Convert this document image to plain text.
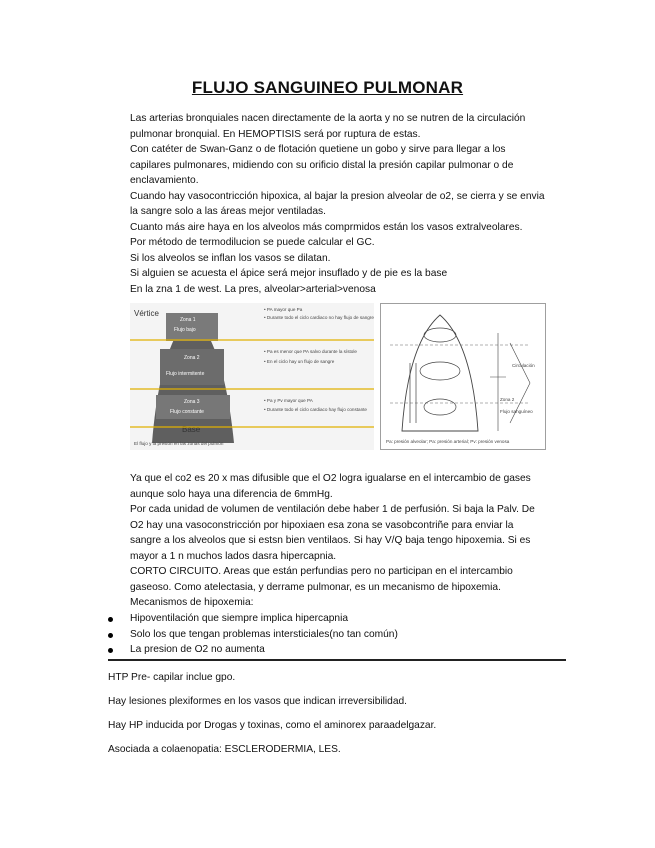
FLUJO SANGUINEO PULMONAR

Las arterias bronquiales nacen directamente de la aorta y no se nutren de la circulación

pulmonar bronquial. En HEMOPTISIS será por ruptura de estas.

Con catéter de Swan-Ganz o de flotación quetiene un gobo y sirve para llegar a los

capilares pulmonares, midiendo con su orificio distal la presión capilar pulmonar o de

enclavamiento.

Cuando hay vasocontricción hipoxica, al bajar la presion alveolar de o2, se cierra y se envia

la sangre solo a las áreas mejor ventiladas.

Cuanto más aire haya en los alveolos más comprmidos están los vasos extralveolares.

Por método de termodilucion se puede calcular el GC.

Si los alveolos se inflan los vasos se dilatan.

Si alguien se acuesta el ápice será mejor insuflado y de pie es la base

En la zna 1 de west. La pres, alveolar>arterial>venosa

Vértice
Zona 1
Flujo bajo
Zona 2
Flujo intermitente
Zona 3
Flujo constante
Base
• PA mayor que Pa
• Durante todo el ciclo cardiaco no hay flujo de sangre
• Pa es menor que PA salvo durante la sístole
• En el ciclo hay un flujo de sangre
• Pa y Pv mayor que PA
• Durante todo el ciclo cardiaco hay flujo constante
El flujo y la presión en las zonas del pulmón
Circulación
Zona 2
Flujo sanguíneo
Pa: presión alveolar; Pa: presión arterial; Pv: presión venosa

Ya que el co2 es 20 x mas difusible que el O2 logra igualarse en el intercambio de gases

aunque solo haya una diferencia de 6mmHg.

Por cada unidad de volumen de ventilación debe haber 1 de perfusión. Si baja la Palv. De

O2 hay una vasoconstricción por hipoxiaen esa zona se vasobcontriñe para enviar la

sangre a los alveolos que si estsn bien ventilaos. Si hay V/Q baja tengo hipoxemia. Si es

mayor a 1 n muchos lados dasra hipercapnia.

CORTO CIRCUITO. Areas que están perfundias pero no participan en el intercambio

gaseoso. Como atelectasia, y derrame pulmonar, es un mecanismo de hipoxemia.

Mecanismos de hipoxemia:

Hipoventilación que siempre implica hipercapnia
Solo los que tengan problemas intersticiales(no tan común)
La presion de O2 no aumenta
HTP Pre- capilar inclue gpo.
Hay lesiones plexiformes en los vasos que indican irreversibilidad.
Hay HP inducida por Drogas y toxinas, como el aminorex paraadelgazar.
Asociada a colaenopatia: ESCLERODERMIA, LES.
